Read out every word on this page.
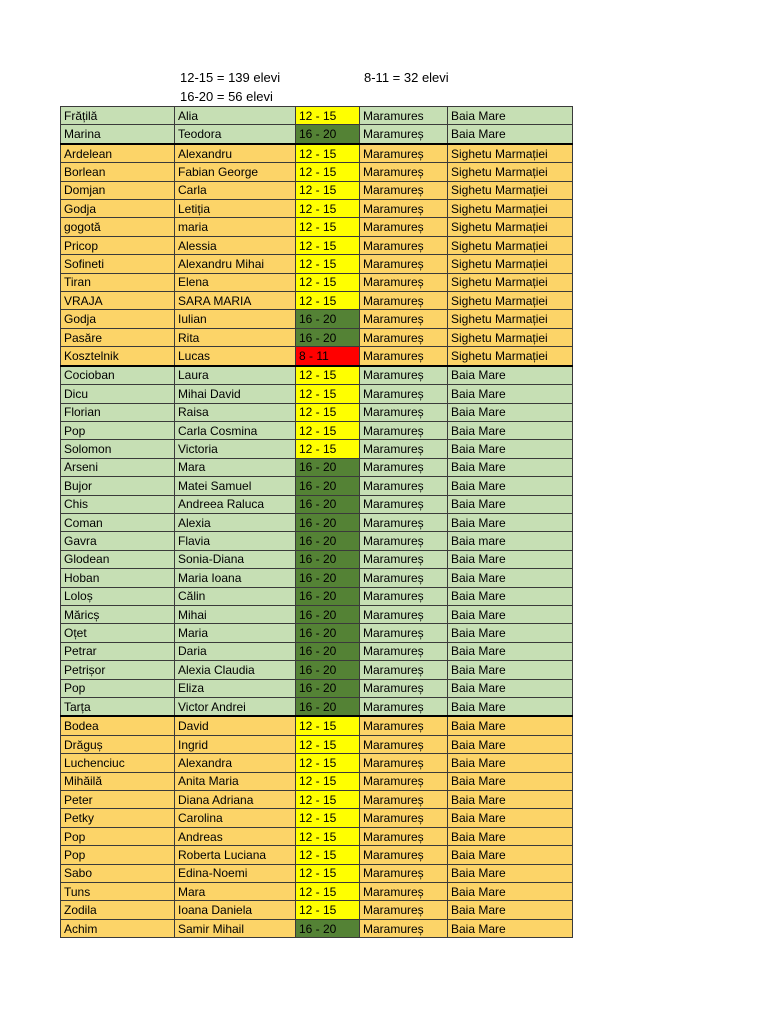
12-15 = 139 elevi	8-11 = 32 elevi
16-20 = 56 elevi
Frățilă	Alia	12 - 15	Maramures	Baia Mare
Marina	Teodora	16 - 20	Maramureș	Baia Mare
Ardelean	Alexandru	12 - 15	Maramureș	Sighetu Marmației
Borlean	Fabian George	12 - 15	Maramureș	Sighetu Marmației
Domjan	Carla	12 - 15	Maramureș	Sighetu Marmației
Godja	Letiția	12 - 15	Maramureș	Sighetu Marmației
gogotă	maria	12 - 15	Maramureș	Sighetu Marmației
Pricop	Alessia	12 - 15	Maramureș	Sighetu Marmației
Sofineti	Alexandru Mihai	12 - 15	Maramureș	Sighetu Marmației
Tiran	Elena	12 - 15	Maramureș	Sighetu Marmației
VRAJA	SARA MARIA	12 - 15	Maramureș	Sighetu Marmației
Godja	Iulian	16 - 20	Maramureș	Sighetu Marmației
Pasăre	Rita	16 - 20	Maramureș	Sighetu Marmației
Kosztelnik	Lucas	8 - 11	Maramureș	Sighetu Marmației
Cocioban	Laura	12 - 15	Maramureș	Baia Mare
Dicu	Mihai David	12 - 15	Maramureș	Baia Mare
Florian	Raisa	12 - 15	Maramureș	Baia Mare
Pop	Carla Cosmina	12 - 15	Maramureș	Baia Mare
Solomon	Victoria	12 - 15	Maramureș	Baia Mare
Arseni	Mara	16 - 20	Maramureș	Baia Mare
Bujor	Matei Samuel	16 - 20	Maramureș	Baia Mare
Chis	Andreea Raluca	16 - 20	Maramureș	Baia Mare
Coman	Alexia	16 - 20	Maramureș	Baia Mare
Gavra	Flavia	16 - 20	Maramureș	Baia mare
Glodean	Sonia-Diana	16 - 20	Maramureș	Baia Mare
Hoban	Maria Ioana	16 - 20	Maramureș	Baia Mare
Loloș	Călin	16 - 20	Maramureș	Baia Mare
Măricș	Mihai	16 - 20	Maramureș	Baia Mare
Oțet	Maria	16 - 20	Maramureș	Baia Mare
Petrar	Daria	16 - 20	Maramureș	Baia Mare
Petrișor	Alexia Claudia	16 - 20	Maramureș	Baia Mare
Pop	Eliza	16 - 20	Maramureș	Baia Mare
Tarța	Victor Andrei	16 - 20	Maramureș	Baia Mare
Bodea	David	12 - 15	Maramureș	Baia Mare
Drăguș	Ingrid	12 - 15	Maramureș	Baia Mare
Luchenciuc	Alexandra	12 - 15	Maramureș	Baia Mare
Mihăilă	Anita Maria	12 - 15	Maramureș	Baia Mare
Peter	Diana Adriana	12 - 15	Maramureș	Baia Mare
Petky	Carolina	12 - 15	Maramureș	Baia Mare
Pop	Andreas	12 - 15	Maramureș	Baia Mare
Pop	Roberta Luciana	12 - 15	Maramureș	Baia Mare
Sabo	Edina-Noemi	12 - 15	Maramureș	Baia Mare
Tuns	Mara	12 - 15	Maramureș	Baia Mare
Zodila	Ioana Daniela	12 - 15	Maramureș	Baia Mare
Achim	Samir Mihail	16 - 20	Maramureș	Baia Mare
